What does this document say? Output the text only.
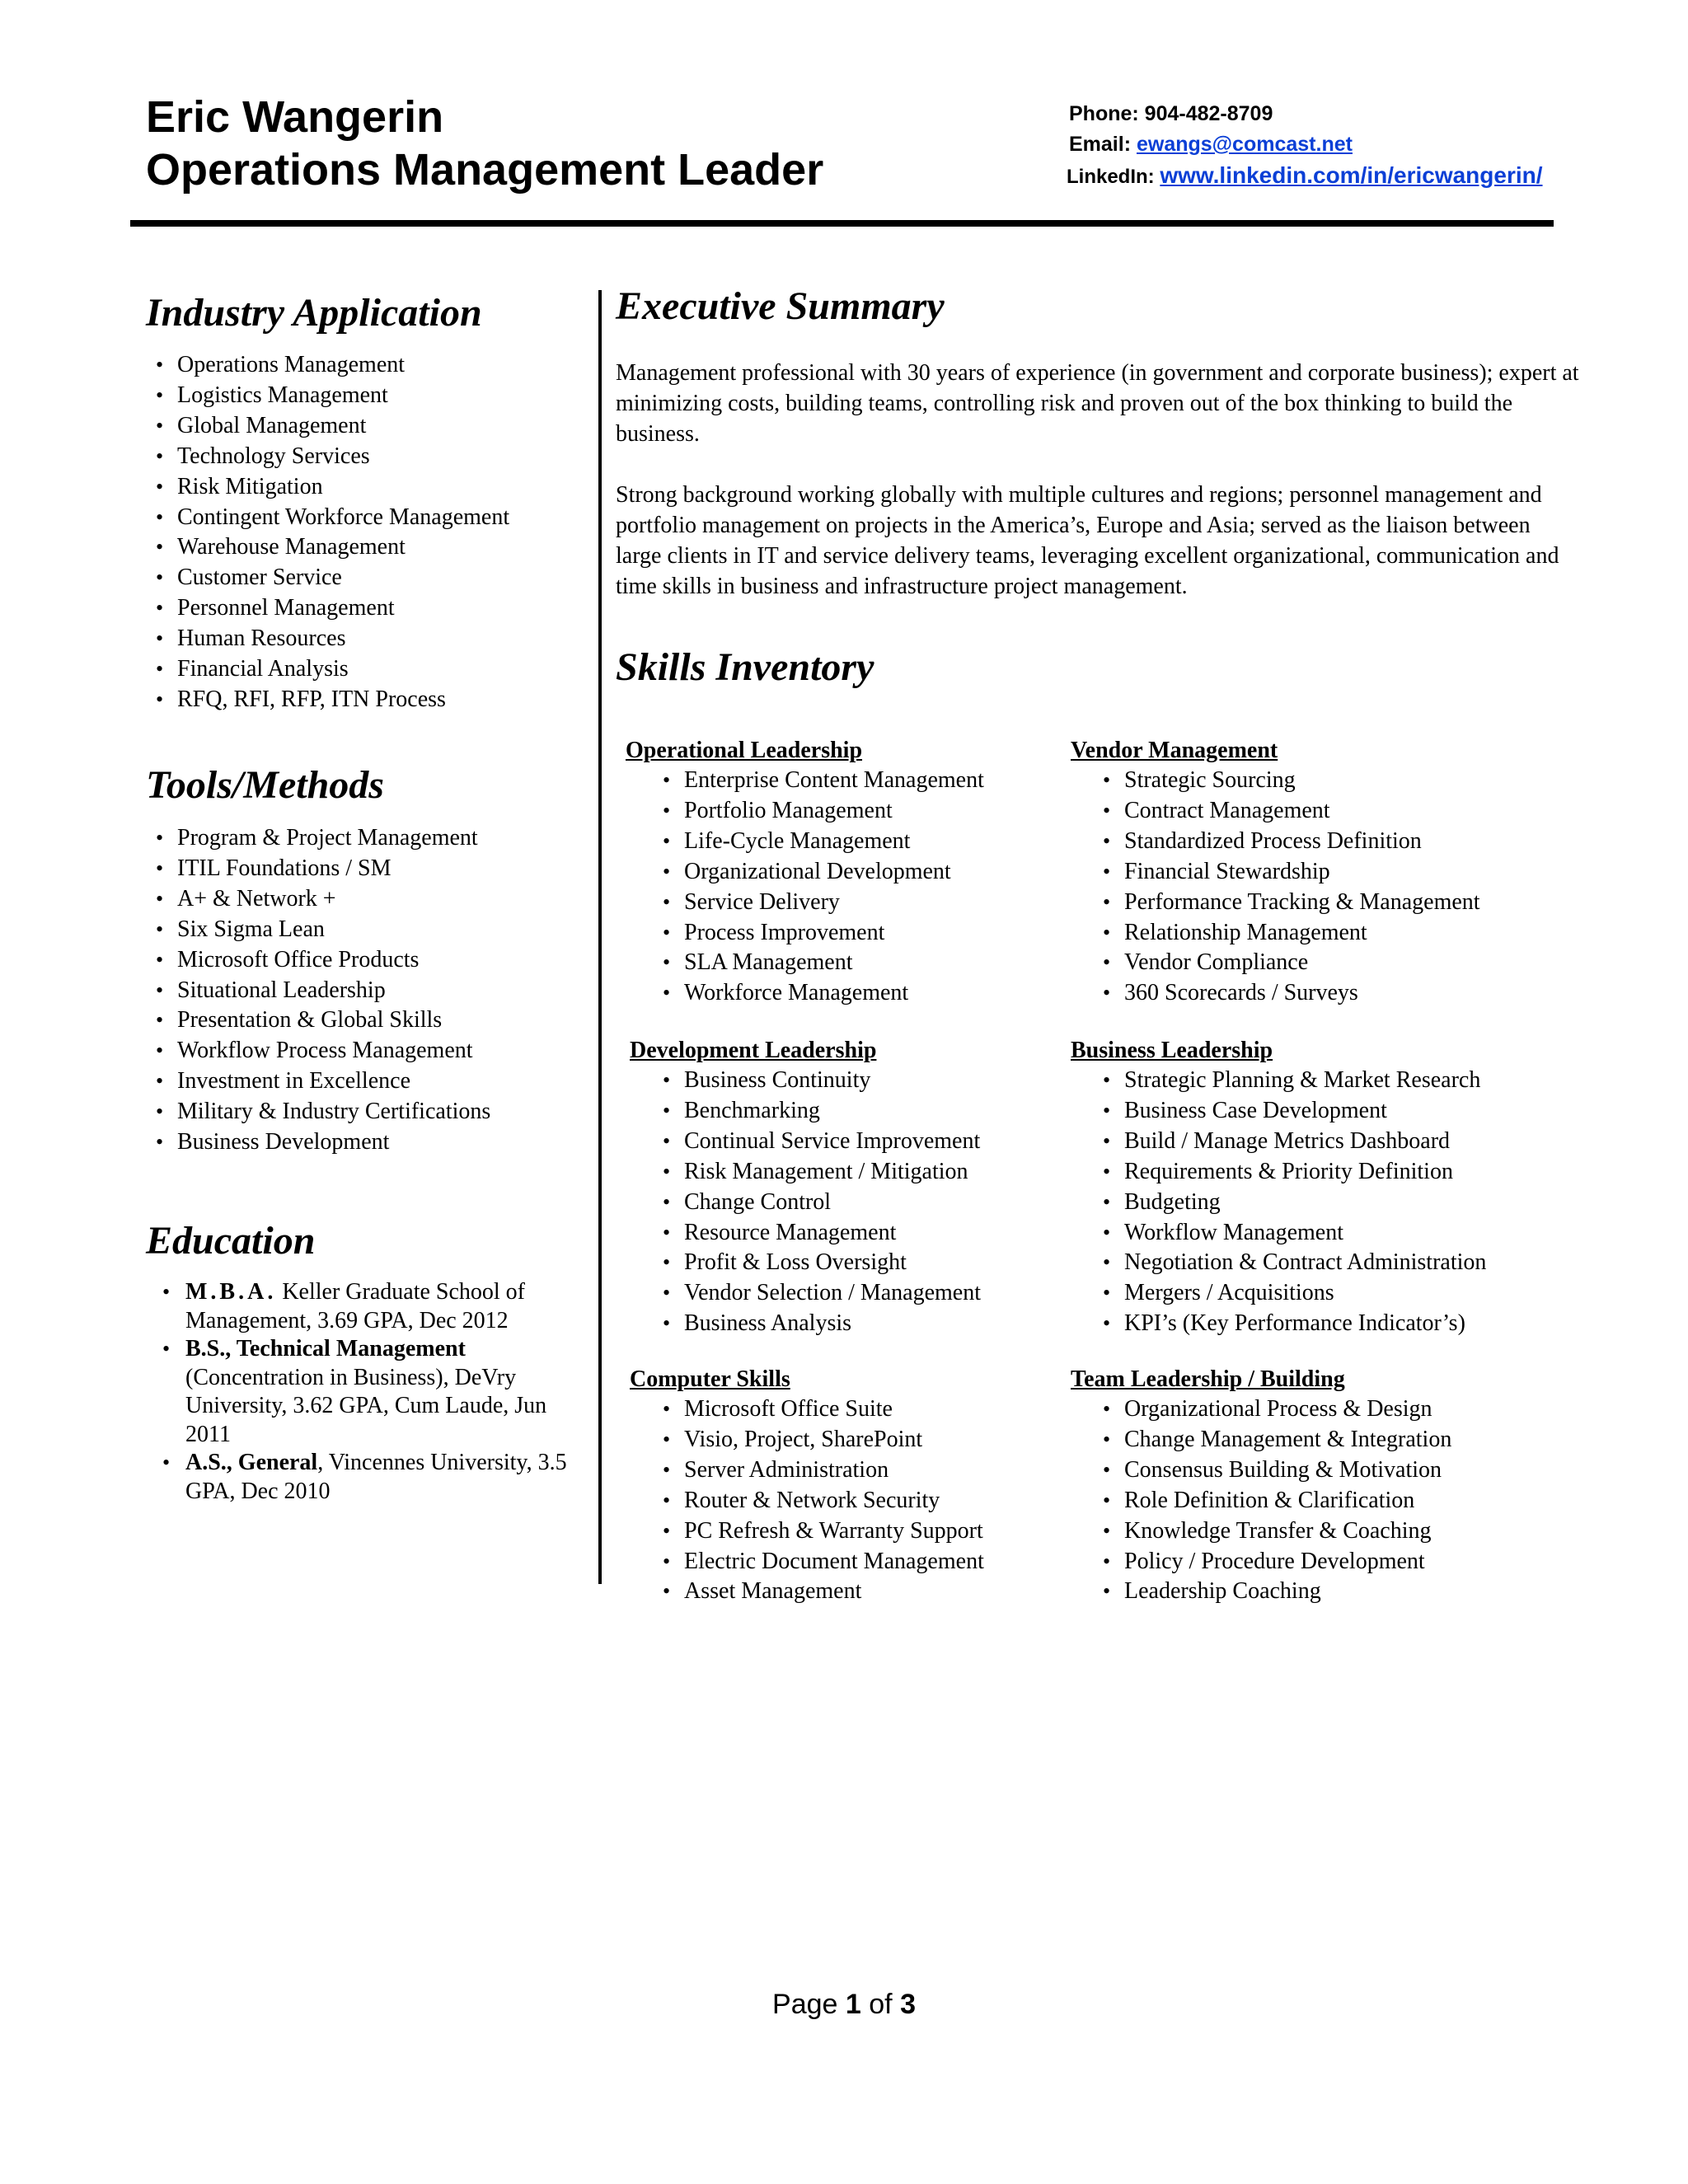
Eric Wangerin
Operations Management Leader
Phone: 904-482-8709
Email: ewangs@comcast.net
LinkedIn: www.linkedin.com/in/ericwangerin/
Industry Application
• Operations Management
• Logistics Management
• Global Management
• Technology Services
• Risk Mitigation
• Contingent Workforce Management
• Warehouse Management
• Customer Service
• Personnel Management
• Human Resources
• Financial Analysis
• RFQ, RFI, RFP, ITN Process
Tools/Methods
• Program & Project Management
• ITIL Foundations / SM
• A+ & Network +
• Six Sigma Lean
• Microsoft Office Products
• Situational Leadership
• Presentation & Global Skills
• Workflow Process Management
• Investment in Excellence
• Military & Industry Certifications
• Business Development
Education
• M.B.A. Keller Graduate School of Management, 3.69 GPA, Dec 2012
• B.S., Technical Management (Concentration in Business), DeVry University, 3.62 GPA, Cum Laude, Jun 2011
• A.S., General, Vincennes University, 3.5 GPA, Dec 2010
Executive Summary
Management professional with 30 years of experience (in government and corporate business); expert at minimizing costs, building teams, controlling risk and proven out of the box thinking to build the business.
Strong background working globally with multiple cultures and regions; personnel management and portfolio management on projects in the America’s, Europe and Asia; served as the liaison between large clients in IT and service delivery teams, leveraging excellent organizational, communication and time skills in business and infrastructure project management.
Skills Inventory
Operational Leadership
• Enterprise Content Management
• Portfolio Management
• Life-Cycle Management
• Organizational Development
• Service Delivery
• Process Improvement
• SLA Management
• Workforce Management
Vendor Management
• Strategic Sourcing
• Contract Management
• Standardized Process Definition
• Financial Stewardship
• Performance Tracking & Management
• Relationship Management
• Vendor Compliance
• 360 Scorecards / Surveys
Development Leadership
• Business Continuity
• Benchmarking
• Continual Service Improvement
• Risk Management / Mitigation
• Change Control
• Resource Management
• Profit & Loss Oversight
• Vendor Selection / Management
• Business Analysis
Business Leadership
• Strategic Planning & Market Research
• Business Case Development
• Build / Manage Metrics Dashboard
• Requirements & Priority Definition
• Budgeting
• Workflow Management
• Negotiation & Contract Administration
• Mergers / Acquisitions
• KPI’s (Key Performance Indicator’s)
Computer Skills
• Microsoft Office Suite
• Visio, Project, SharePoint
• Server Administration
• Router & Network Security
• PC Refresh & Warranty Support
• Electric Document Management
• Asset Management
Team Leadership / Building
• Organizational Process & Design
• Change Management & Integration
• Consensus Building & Motivation
• Role Definition & Clarification
• Knowledge Transfer & Coaching
• Policy / Procedure Development
• Leadership Coaching
Page 1 of 3
